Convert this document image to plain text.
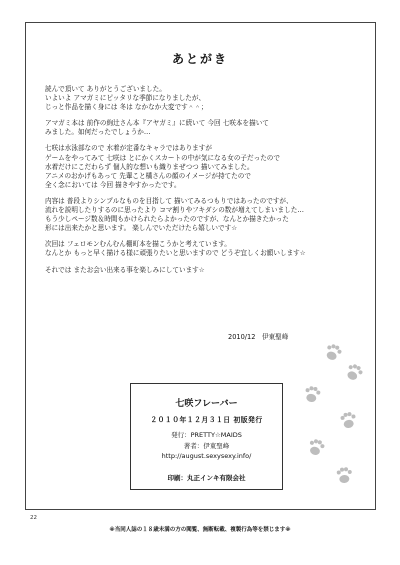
あとがき
読んで頂いて ありがとうございました。
いよいよ アマガミにピッタリな季節になりましたが、
じっと作品を描く身には 冬は なかなか大変です＾＾；
アマガミ本は 前作の絢辻さん本『アヤガミ』に続いて 今回 七咲本を描いて
みました。如何だったでしょうか…
七咲は水泳部なので 水着が定番なキャラではありますが
ゲームをやってみて 七咲は とにかくスカートの中が気になる女の子だったので
水着だけにこだわらず 個人的な想いも織りまぜつつ 描いてみました。
アニメのおかげもあって 先輩こと橘さんの顔のイメージが持てたので
全く念においては 今回 描きやすかったです。
内容は 普段よりシンプルなものを目指して 描いてみるつもりではあったのですが、
流れを説明したりするのに思ったより コマ割りやフキダシの数が増えてしまいました…
もう少しページ数＆時間もかけられたらよかったのですが、なんとか描きたかった
形には出来たかと思います。 楽しんでいただけたら嬉しいです☆
次回は フェロモンむんむん棚町本を描こうかと考えています。
なんとか もっと早く描ける様に頑張りたいと思いますので どうぞ宜しくお願いします☆
それでは またお会い出来る事を楽しみにしています☆
2010/12　伊東聖峰
七咲フレーバー
２０１０年１２月３１日 初版発行
発行：PRETTY☆MAIDS
著者：伊東聖峰
http://august.sexysexy.info/
印刷：丸正インキ有限会社
22
※当同人誌の１８歳未満の方の閲覧、無断転載、複製行為等を禁じます※
